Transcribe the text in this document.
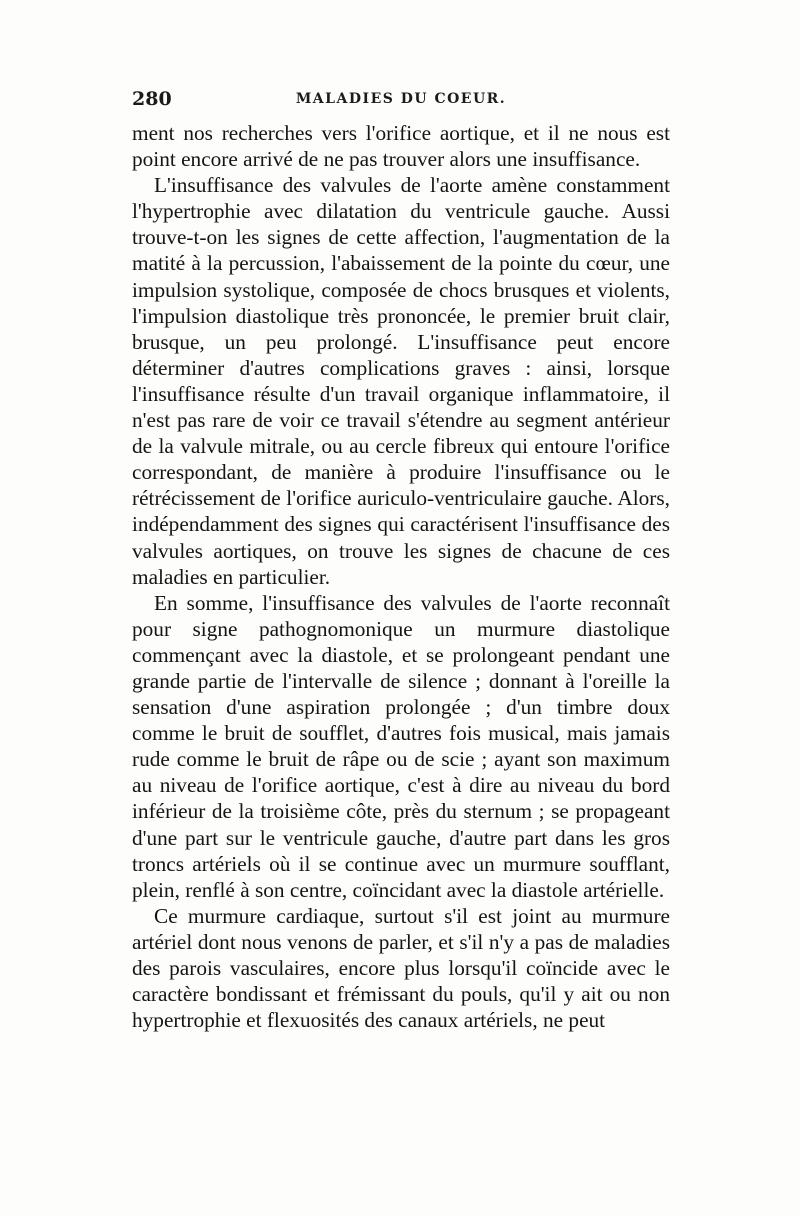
280	MALADIES DU COEUR.

ment nos recherches vers l'orifice aortique, et il ne nous est point encore arrivé de ne pas trouver alors une insuffisance.

L'insuffisance des valvules de l'aorte amène constamment l'hypertrophie avec dilatation du ventricule gauche. Aussi trouve-t-on les signes de cette affection, l'augmentation de la matité à la percussion, l'abaissement de la pointe du cœur, une impulsion systolique, composée de chocs brusques et violents, l'impulsion diastolique très prononcée, le premier bruit clair, brusque, un peu prolongé. L'insuffisance peut encore déterminer d'autres complications graves : ainsi, lorsque l'insuffisance résulte d'un travail organique inflammatoire, il n'est pas rare de voir ce travail s'étendre au segment antérieur de la valvule mitrale, ou au cercle fibreux qui entoure l'orifice correspondant, de manière à produire l'insuffisance ou le rétrécissement de l'orifice auriculo-ventriculaire gauche. Alors, indépendamment des signes qui caractérisent l'insuffisance des valvules aortiques, on trouve les signes de chacune de ces maladies en particulier.

En somme, l'insuffisance des valvules de l'aorte reconnaît pour signe pathognomonique un murmure diastolique commençant avec la diastole, et se prolongeant pendant une grande partie de l'intervalle de silence ; donnant à l'oreille la sensation d'une aspiration prolongée ; d'un timbre doux comme le bruit de soufflet, d'autres fois musical, mais jamais rude comme le bruit de râpe ou de scie ; ayant son maximum au niveau de l'orifice aortique, c'est à dire au niveau du bord inférieur de la troisième côte, près du sternum ; se propageant d'une part sur le ventricule gauche, d'autre part dans les gros troncs artériels où il se continue avec un murmure soufflant, plein, renflé à son centre, coïncidant avec la diastole artérielle.

Ce murmure cardiaque, surtout s'il est joint au murmure artériel dont nous venons de parler, et s'il n'y a pas de maladies des parois vasculaires, encore plus lorsqu'il coïncide avec le caractère bondissant et frémissant du pouls, qu'il y ait ou non hypertrophie et flexuosités des canaux artériels, ne peut
